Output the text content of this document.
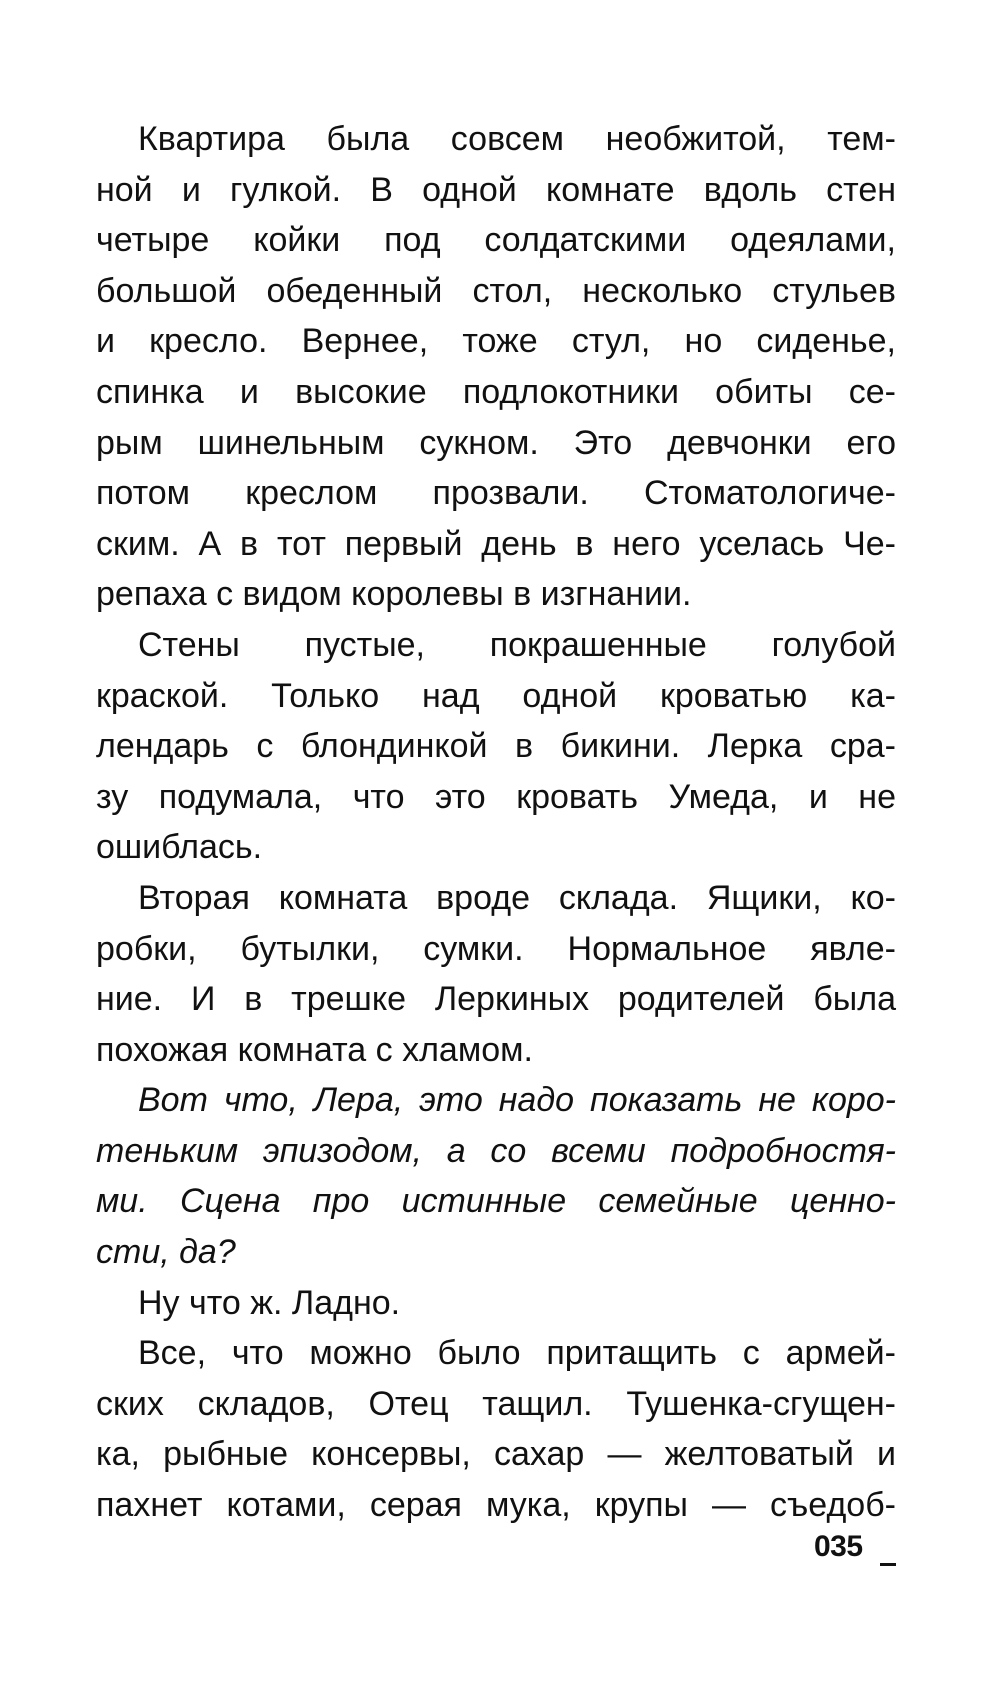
Квартира была совсем необжитой, тем-
ной и гулкой. В одной комнате вдоль стен
четыре койки под солдатскими одеялами,
большой обеденный стол, несколько стульев
и кресло. Вернее, тоже стул, но сиденье,
спинка и высокие подлокотники обиты се-
рым шинельным сукном. Это девчонки его
потом креслом прозвали. Стоматологиче-
ским. А в тот первый день в него уселась Че-
репаха с видом королевы в изгнании.

Стены пустые, покрашенные голубой
краской. Только над одной кроватью ка-
лендарь с блондинкой в бикини. Лерка сра-
зу подумала, что это кровать Умеда, и не
ошиблась.

Вторая комната вроде склада. Ящики, ко-
робки, бутылки, сумки. Нормальное явле-
ние. И в трешке Леркиных родителей была
похожая комната с хламом.

Вот что, Лера, это надо показать не коро-
теньким эпизодом, а со всеми подробностя-
ми. Сцена про истинные семейные ценно-
сти, да?

Ну что ж. Ладно.

Все, что можно было притащить с армей-
ских складов, Отец тащил. Тушенка-сгущен-
ка, рыбные консервы, сахар — желтоватый и
пахнет котами, серая мука, крупы — съедоб-

035
